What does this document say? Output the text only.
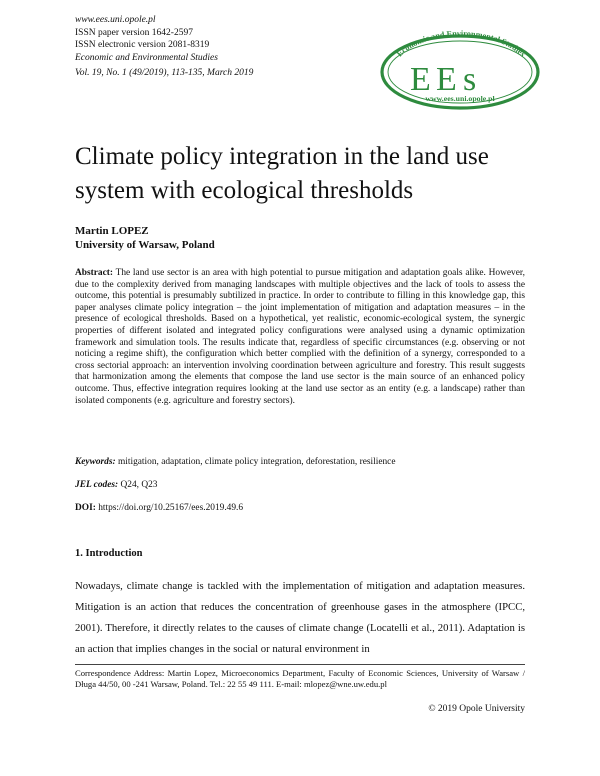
www.ees.uni.opole.pl
ISSN paper version 1642-2597
ISSN electronic version 2081-8319
Economic and Environmental Studies
Vol. 19, No. 1 (49/2019), 113-135, March 2019
Economic and Environmental Studies
E E s
www.ees.uni.opole.pl
Climate policy integration in the land use system with ecological thresholds
Martin LOPEZ
University of Warsaw, Poland

Abstract: The land use sector is an area with high potential to pursue mitigation and adaptation goals alike. However, due to the complexity derived from managing landscapes with multiple objectives and the lack of tools to assess the outcome, this potential is presumably subtilized in practice. In order to contribute to filling in this knowledge gap, this paper analyses climate policy integration – the joint implementation of mitigation and adaptation measures – in the presence of ecological thresholds. Based on a hypothetical, yet realistic, economic-ecological system, the synergic properties of different isolated and integrated policy configurations were analysed using a dynamic optimization framework and simulation tools. The results indicate that, regardless of specific circumstances (e.g. observing or not noticing a regime shift), the configuration which better complied with the definition of a synergy, corresponded to a cross sectorial approach: an intervention involving coordination between agriculture and forestry. This result suggests that harmonization among the elements that compose the land use sector is the main source of an enhanced policy outcome. Thus, effective integration requires looking at the land use sector as an entity (e.g. a landscape) rather than isolated components (e.g. agriculture and forestry sectors).

Keywords: mitigation, adaptation, climate policy integration, deforestation, resilience
JEL codes: Q24, Q23
DOI: https://doi.org/10.25167/ees.2019.49.6
1. Introduction

Nowadays, climate change is tackled with the implementation of mitigation and adaptation measures. Mitigation is an action that reduces the concentration of greenhouse gases in the atmosphere (IPCC, 2001). Therefore, it directly relates to the causes of climate change (Locatelli et al., 2011). Adaptation is an action that implies changes in the social or natural environment in

Correspondence Address: Martin Lopez, Microeconomics Department, Faculty of Economic Sciences, University of Warsaw / Długa 44/50, 00 -241 Warsaw, Poland. Tel.: 22 55 49 111. E-mail: mlopez@wne.uw.edu.pl

© 2019 Opole University
